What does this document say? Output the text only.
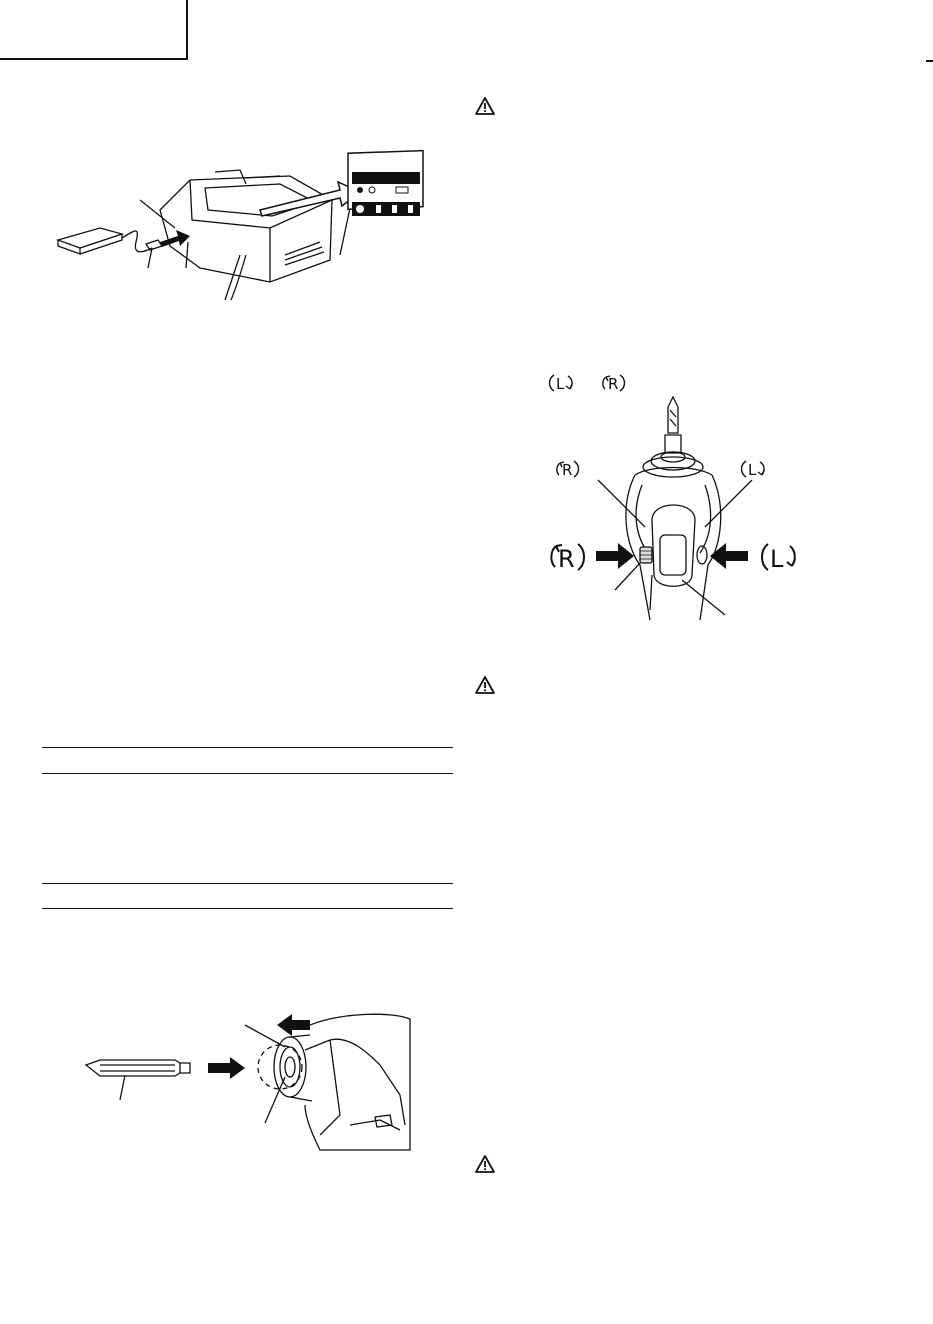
L	R
R	L
R	L
